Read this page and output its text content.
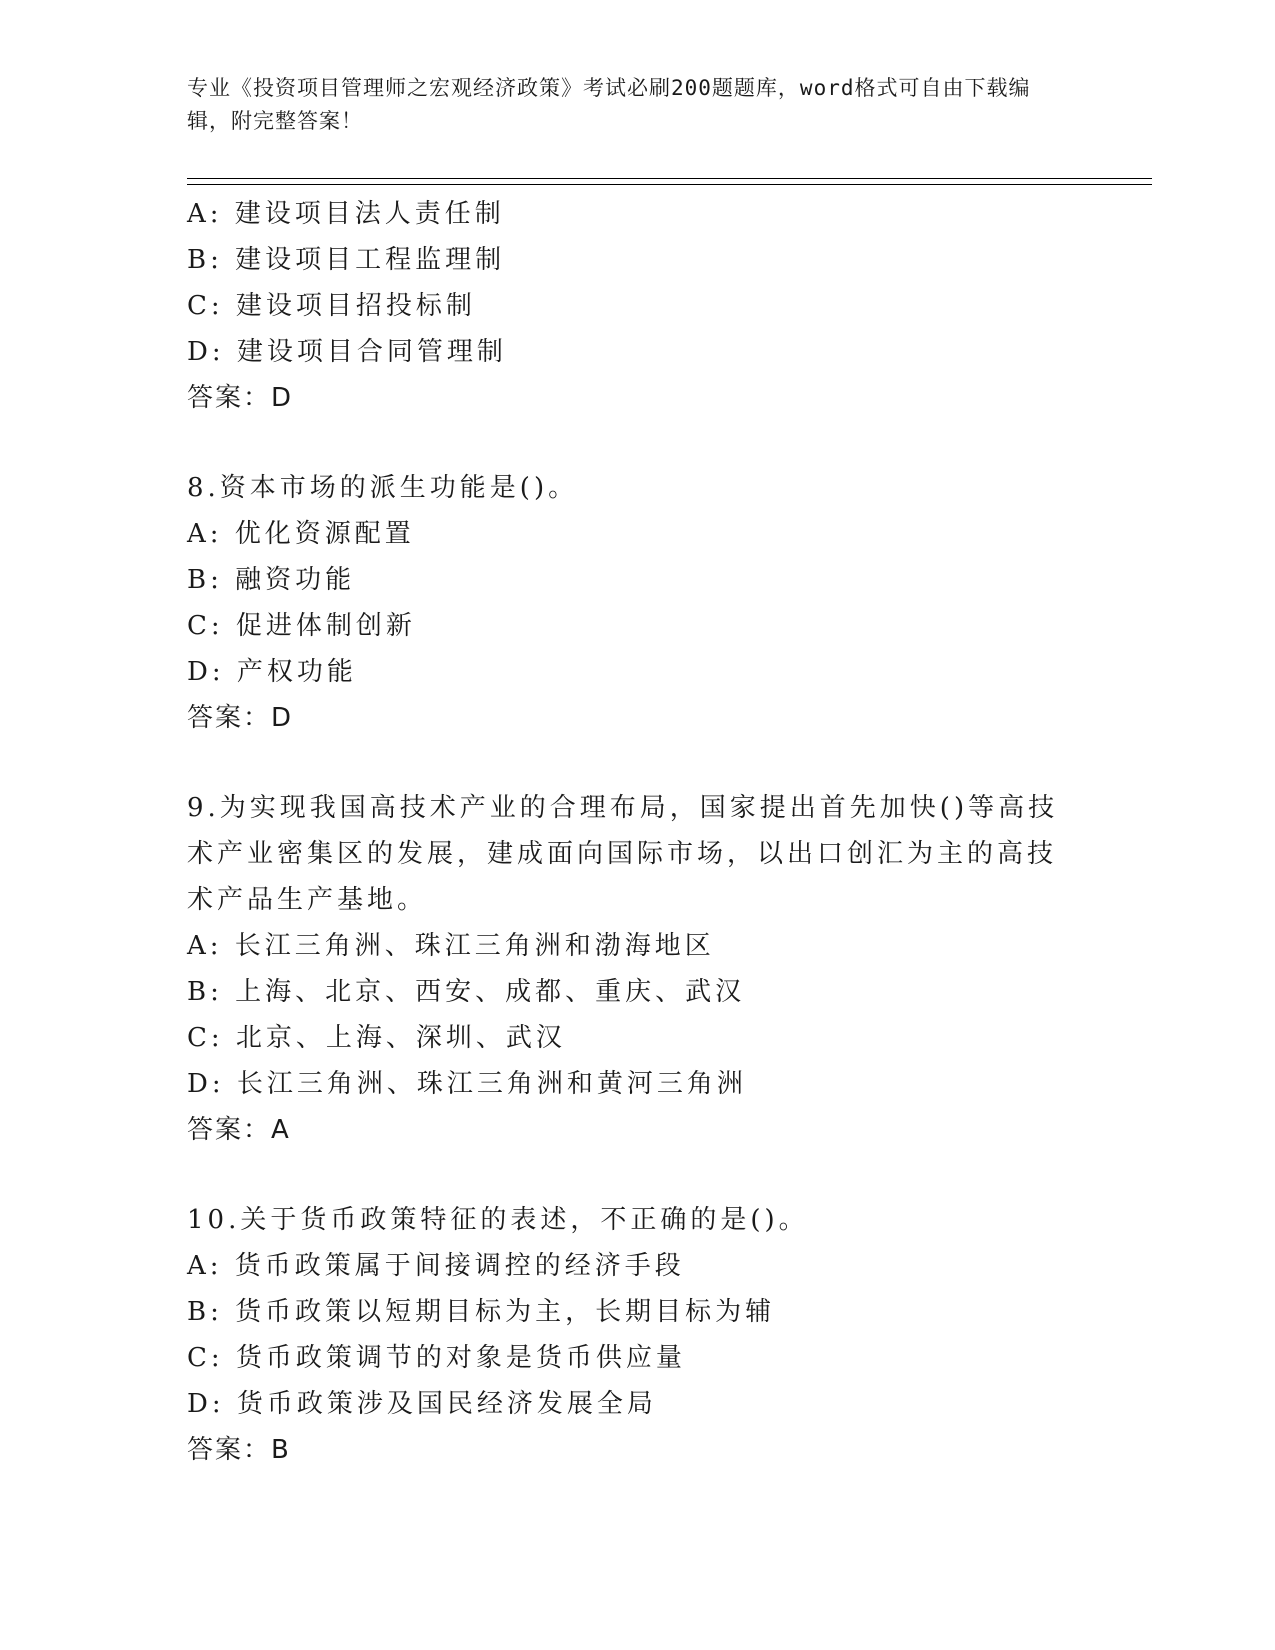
专业《投资项目管理师之宏观经济政策》考试必刷200题题库，word格式可自由下载编辑，附完整答案！
A: 建设项目法人责任制
B: 建设项目工程监理制
C: 建设项目招投标制
D: 建设项目合同管理制
答案：D
8.资本市场的派生功能是()。
A: 优化资源配置
B: 融资功能
C: 促进体制创新
D: 产权功能
答案：D
9.为实现我国高技术产业的合理布局，国家提出首先加快()等高技术产业密集区的发展，建成面向国际市场，以出口创汇为主的高技术产品生产基地。
A: 长江三角洲、珠江三角洲和渤海地区
B: 上海、北京、西安、成都、重庆、武汉
C: 北京、上海、深圳、武汉
D: 长江三角洲、珠江三角洲和黄河三角洲
答案：A
10.关于货币政策特征的表述，不正确的是()。
A: 货币政策属于间接调控的经济手段
B: 货币政策以短期目标为主，长期目标为辅
C: 货币政策调节的对象是货币供应量
D: 货币政策涉及国民经济发展全局
答案：B
